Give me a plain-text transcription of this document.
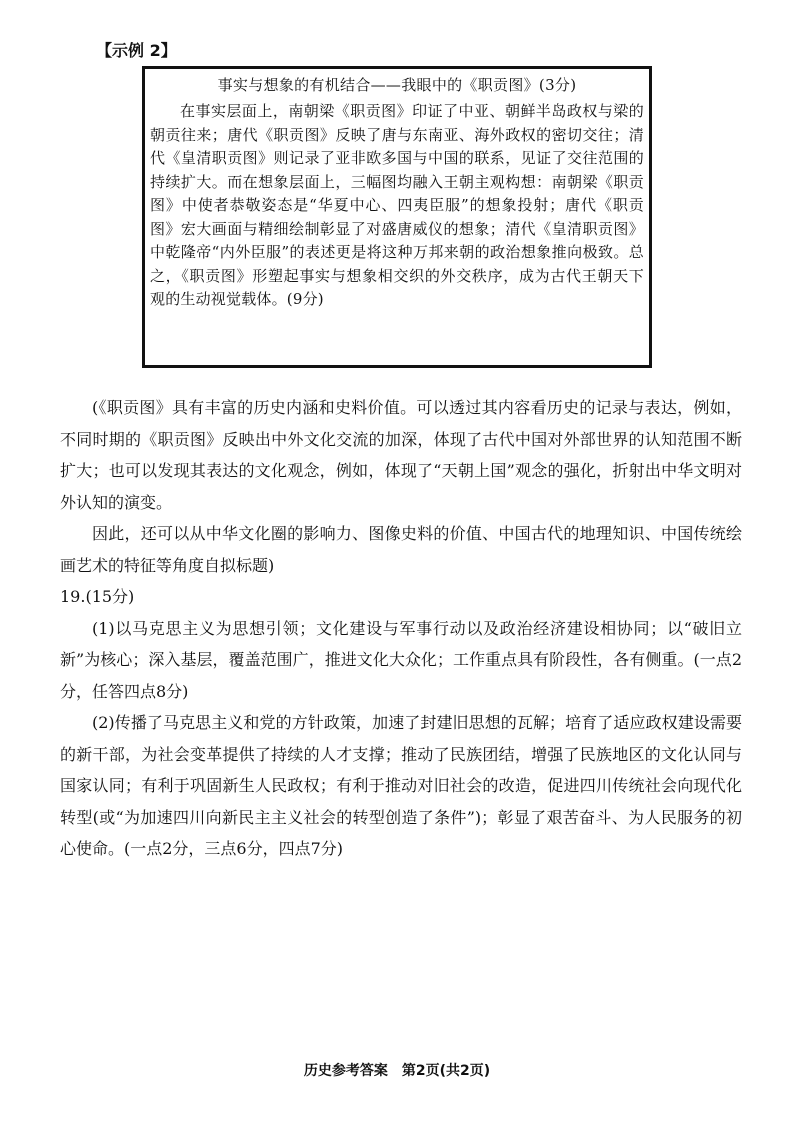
【示例 2】

事实与想象的有机结合——我眼中的《职贡图》(3分)

在事实层面上，南朝梁《职贡图》印证了中亚、朝鲜半岛政权与梁的朝贡往来；唐代《职贡图》反映了唐与东南亚、海外政权的密切交往；清代《皇清职贡图》则记录了亚非欧多国与中国的联系，见证了交往范围的持续扩大。而在想象层面上，三幅图均融入王朝主观构想：南朝梁《职贡图》中使者恭敬姿态是“华夏中心、四夷臣服”的想象投射；唐代《职贡图》宏大画面与精细绘制彰显了对盛唐威仪的想象；清代《皇清职贡图》中乾隆帝“内外臣服”的表述更是将这种万邦来朝的政治想象推向极致。总之，《职贡图》形塑起事实与想象相交织的外交秩序，成为古代王朝天下观的生动视觉载体。(9分)

(《职贡图》具有丰富的历史内涵和史料价值。可以透过其内容看历史的记录与表达，例如，不同时期的《职贡图》反映出中外文化交流的加深，体现了古代中国对外部世界的认知范围不断扩大；也可以发现其表达的文化观念，例如，体现了“天朝上国”观念的强化，折射出中华文明对外认知的演变。

因此，还可以从中华文化圈的影响力、图像史料的价值、中国古代的地理知识、中国传统绘画艺术的特征等角度自拟标题)

19.(15分)

(1)以马克思主义为思想引领；文化建设与军事行动以及政治经济建设相协同；以“破旧立新”为核心；深入基层，覆盖范围广，推进文化大众化；工作重点具有阶段性，各有侧重。(一点2分，任答四点8分)

(2)传播了马克思主义和党的方针政策，加速了封建旧思想的瓦解；培育了适应政权建设需要的新干部，为社会变革提供了持续的人才支撑；推动了民族团结，增强了民族地区的文化认同与国家认同；有利于巩固新生人民政权；有利于推动对旧社会的改造，促进四川传统社会向现代化转型(或“为加速四川向新民主主义社会的转型创造了条件”)；彰显了艰苦奋斗、为人民服务的初心使命。(一点2分，三点6分，四点7分)

历史参考答案　第2页(共2页)
